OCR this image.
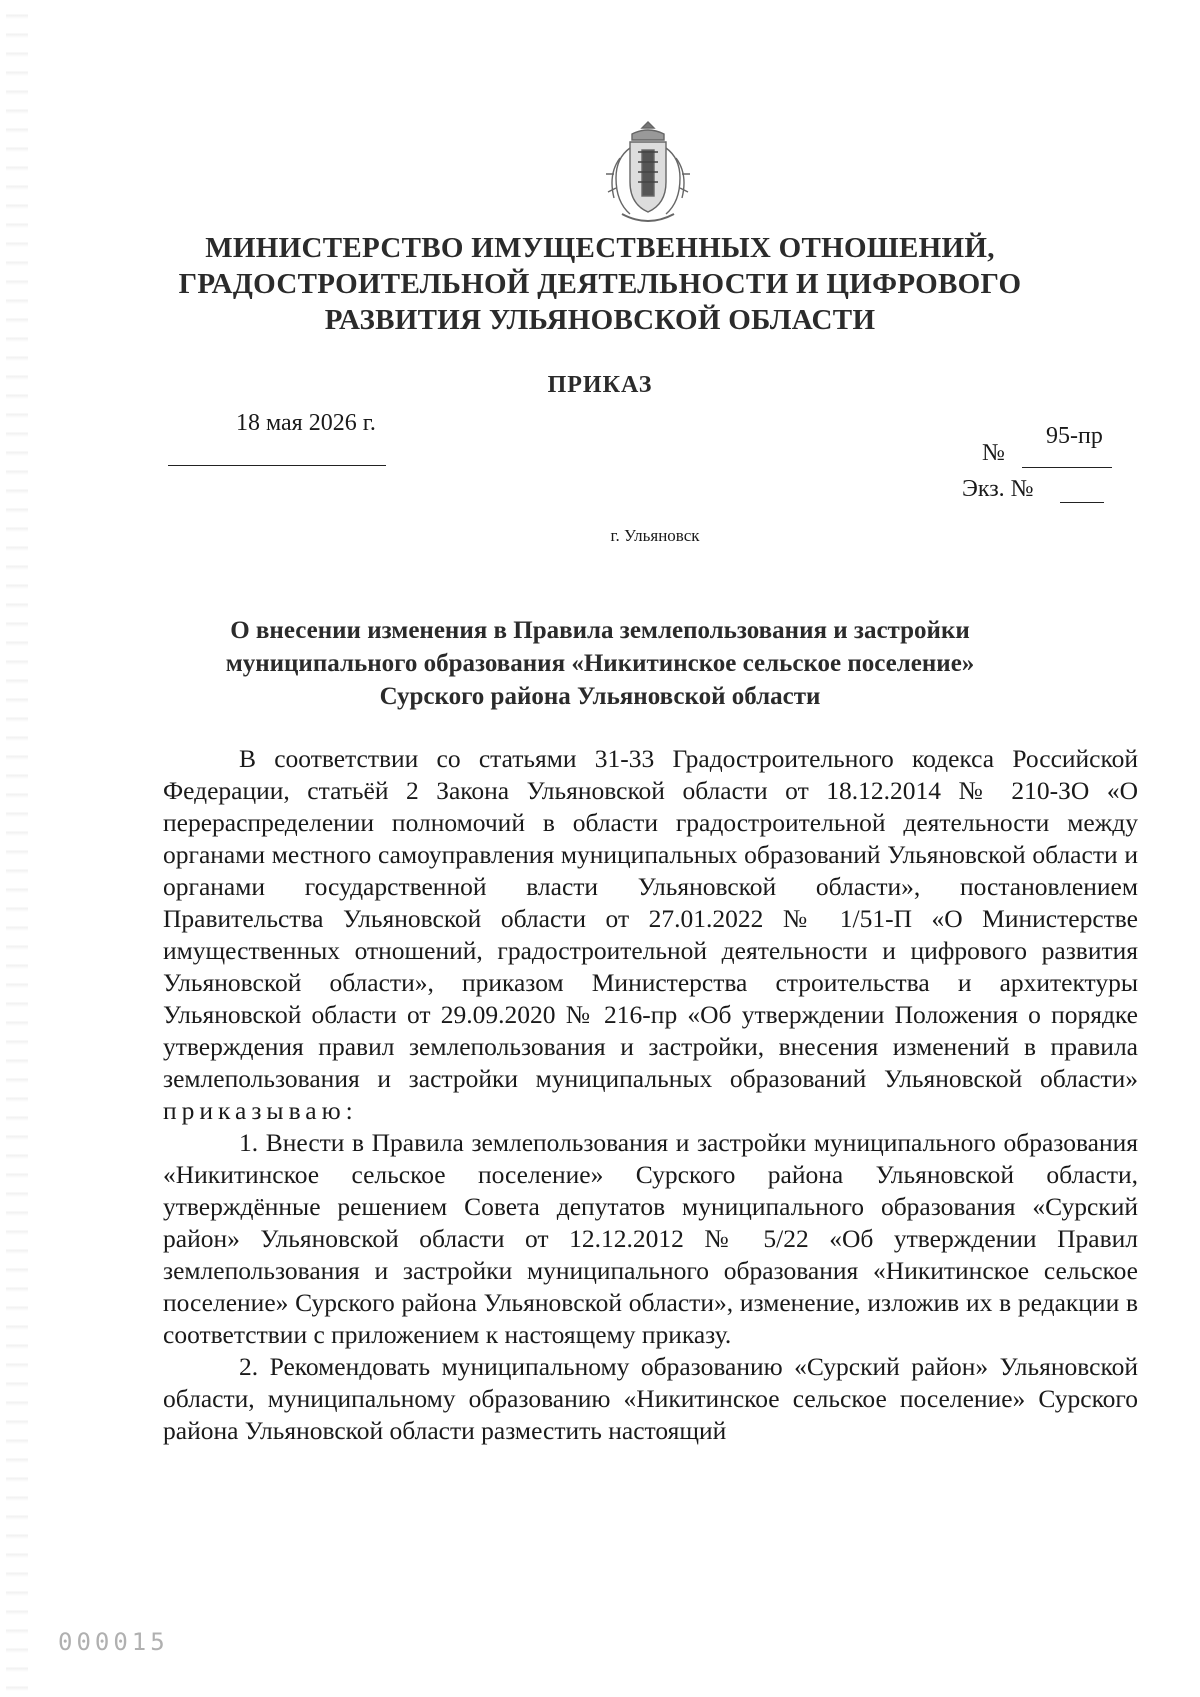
МИНИСТЕРСТВО ИМУЩЕСТВЕННЫХ ОТНОШЕНИЙ,
ГРАДОСТРОИТЕЛЬНОЙ ДЕЯТЕЛЬНОСТИ И ЦИФРОВОГО
РАЗВИТИЯ УЛЬЯНОВСКОЙ ОБЛАСТИ
ПРИКАЗ
18 мая 2026 г.
№
95-пр
Экз. №
г. Ульяновск
О внесении изменения в Правила землепользования и застройки
муниципального образования «Никитинское сельское поселение»
Сурского района Ульяновской области

В соответствии со статьями 31-33 Градостроительного кодекса Российской Федерации, статьёй 2 Закона Ульяновской области от 18.12.2014 № 210-ЗО «О перераспределении полномочий в области градостроительной деятельности между органами местного самоуправления муниципальных образований Ульяновской области и органами государственной власти Ульяновской области», постановлением Правительства Ульяновской области от 27.01.2022 № 1/51-П «О Министерстве имущественных отношений, градостроительной деятельности и цифрового развития Ульяновской области», приказом Министерства строительства и архитектуры Ульяновской области от 29.09.2020 № 216-пр «Об утверждении Положения о порядке утверждения правил землепользования и застройки, внесения изменений в правила землепользования и застройки муниципальных образований Ульяновской области» приказываю:

1. Внести в Правила землепользования и застройки муниципального образования «Никитинское сельское поселение» Сурского района Ульяновской области, утверждённые решением Совета депутатов муниципального образования «Сурский район» Ульяновской области от 12.12.2012 № 5/22 «Об утверждении Правил землепользования и застройки муниципального образования «Никитинское сельское поселение» Сурского района Ульяновской области», изменение, изложив их в редакции в соответствии с приложением к настоящему приказу.

2. Рекомендовать муниципальному образованию «Сурский район» Ульяновской области, муниципальному образованию «Никитинское сельское поселение» Сурского района Ульяновской области разместить настоящий

000015
